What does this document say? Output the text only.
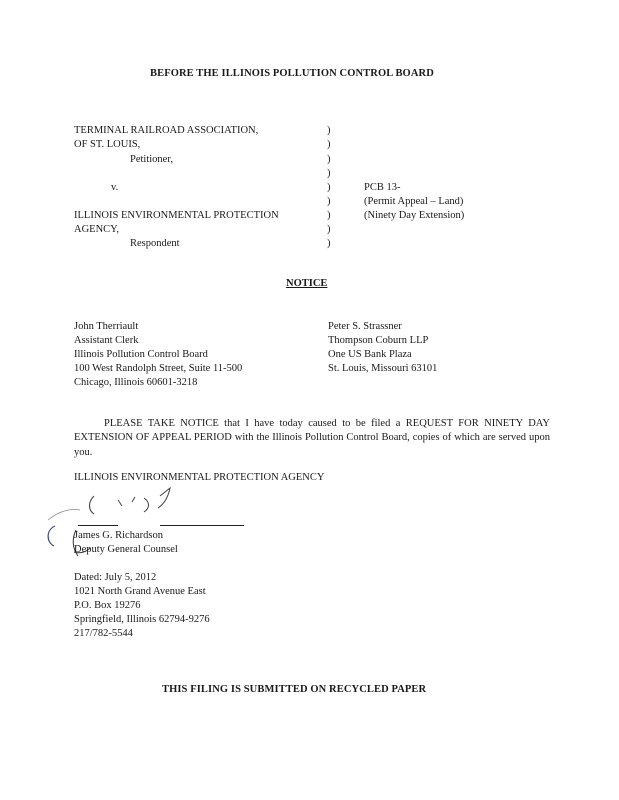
BEFORE THE ILLINOIS POLLUTION CONTROL BOARD
TERMINAL RAILROAD ASSOCIATION,
OF ST. LOUIS,
Petitioner,
v.
ILLINOIS ENVIRONMENTAL PROTECTION
AGENCY,
Respondent
)
)
)
)
)
)
)
)
)
PCB 13-
(Permit Appeal – Land)
(Ninety Day Extension)
NOTICE
John Therriault
Assistant Clerk
Illinois Pollution Control Board
100 West Randolph Street, Suite 11-500
Chicago, Illinois 60601-3218
Peter S. Strassner
Thompson Coburn LLP
One US Bank Plaza
St. Louis, Missouri 63101
PLEASE TAKE NOTICE that I have today caused to be filed a REQUEST FOR NINETY DAY EXTENSION OF APPEAL PERIOD with the Illinois Pollution Control Board, copies of which are served upon you.
ILLINOIS ENVIRONMENTAL PROTECTION AGENCY
James G. Richardson
Deputy General Counsel
Dated: July 5, 2012
1021 North Grand Avenue East
P.O. Box 19276
Springfield, Illinois 62794-9276
217/782-5544
THIS FILING IS SUBMITTED ON RECYCLED PAPER
